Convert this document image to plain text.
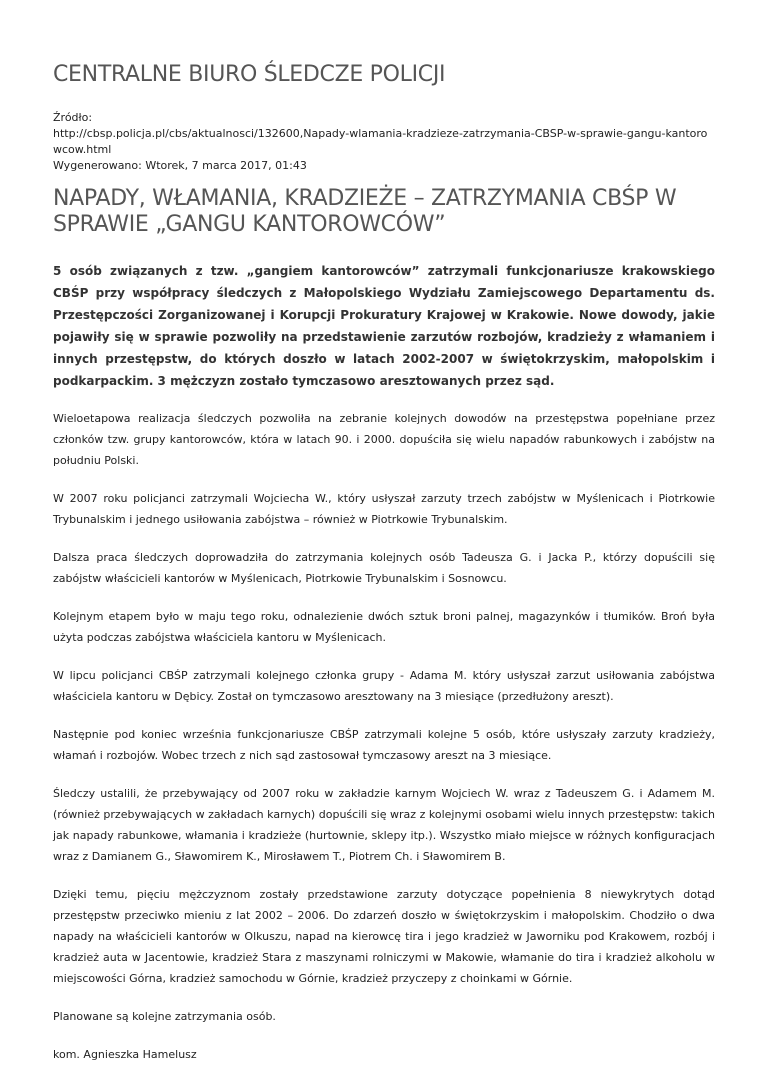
CENTRALNE BIURO ŚLEDCZE POLICJI
Źródło:
http://cbsp.policja.pl/cbs/aktualnosci/132600,Napady-wlamania-kradzieze-zatrzymania-CBSP-w-sprawie-gangu-kantorowcow.html
Wygenerowano: Wtorek, 7 marca 2017, 01:43
NAPADY, WŁAMANIA, KRADZIEŻE – ZATRZYMANIA CBŚP W SPRAWIE „GANGU KANTOROWCÓW”
5 osób związanych z tzw. „gangiem kantorowców” zatrzymali funkcjonariusze krakowskiego CBŚP przy współpracy śledczych z Małopolskiego Wydziału Zamiejscowego Departamentu ds. Przestępczości Zorganizowanej i Korupcji Prokuratury Krajowej w Krakowie. Nowe dowody, jakie pojawiły się w sprawie pozwoliły na przedstawienie zarzutów rozbojów, kradzieży z włamaniem i innych przestępstw, do których doszło w latach 2002-2007 w świętokrzyskim, małopolskim i podkarpackim. 3 mężczyzn zostało tymczasowo aresztowanych przez sąd.

Wieloetapowa realizacja śledczych pozwoliła na zebranie kolejnych dowodów na przestępstwa popełniane przez członków tzw. grupy kantorowców, która w latach 90. i 2000. dopuściła się wielu napadów rabunkowych i zabójstw na południu Polski.

W 2007 roku policjanci zatrzymali Wojciecha W., który usłyszał zarzuty trzech zabójstw w Myślenicach i Piotrkowie Trybunalskim i jednego usiłowania zabójstwa – również w Piotrkowie Trybunalskim.

Dalsza praca śledczych doprowadziła do zatrzymania kolejnych osób Tadeusza G. i Jacka P., którzy dopuścili się zabójstw właścicieli kantorów w Myślenicach, Piotrkowie Trybunalskim i Sosnowcu.

Kolejnym etapem było w maju tego roku, odnalezienie dwóch sztuk broni palnej, magazynków i tłumików. Broń była użyta podczas zabójstwa właściciela kantoru w Myślenicach.

W lipcu policjanci CBŚP zatrzymali kolejnego członka grupy - Adama M. który usłyszał zarzut usiłowania zabójstwa właściciela kantoru w Dębicy. Został on tymczasowo aresztowany na 3 miesiące (przedłużony areszt).

Następnie pod koniec września funkcjonariusze CBŚP zatrzymali kolejne 5 osób, które usłyszały zarzuty kradzieży, włamań i rozbojów. Wobec trzech z nich sąd zastosował tymczasowy areszt na 3 miesiące.

Śledczy ustalili, że przebywający od 2007 roku w zakładzie karnym Wojciech W. wraz z Tadeuszem G. i Adamem M. (również przebywających w zakładach karnych) dopuścili się wraz z kolejnymi osobami wielu innych przestępstw: takich jak napady rabunkowe, włamania i kradzieże (hurtownie, sklepy itp.). Wszystko miało miejsce w różnych konfiguracjach wraz z Damianem G., Sławomirem K., Mirosławem T., Piotrem Ch. i Sławomirem B.

Dzięki temu, pięciu mężczyznom zostały przedstawione zarzuty dotyczące popełnienia 8 niewykrytych dotąd przestępstw przeciwko mieniu z lat 2002 – 2006. Do zdarzeń doszło w świętokrzyskim i małopolskim. Chodziło o dwa napady na właścicieli kantorów w Olkuszu, napad na kierowcę tira i jego kradzież w Jaworniku pod Krakowem, rozbój i kradzież auta w Jacentowie, kradzież Stara z maszynami rolniczymi w Makowie, włamanie do tira i kradzież alkoholu w miejscowości Górna, kradzież samochodu w Górnie, kradzież przyczepy z choinkami w Górnie.

Planowane są kolejne zatrzymania osób.

kom. Agnieszka Hamelusz
